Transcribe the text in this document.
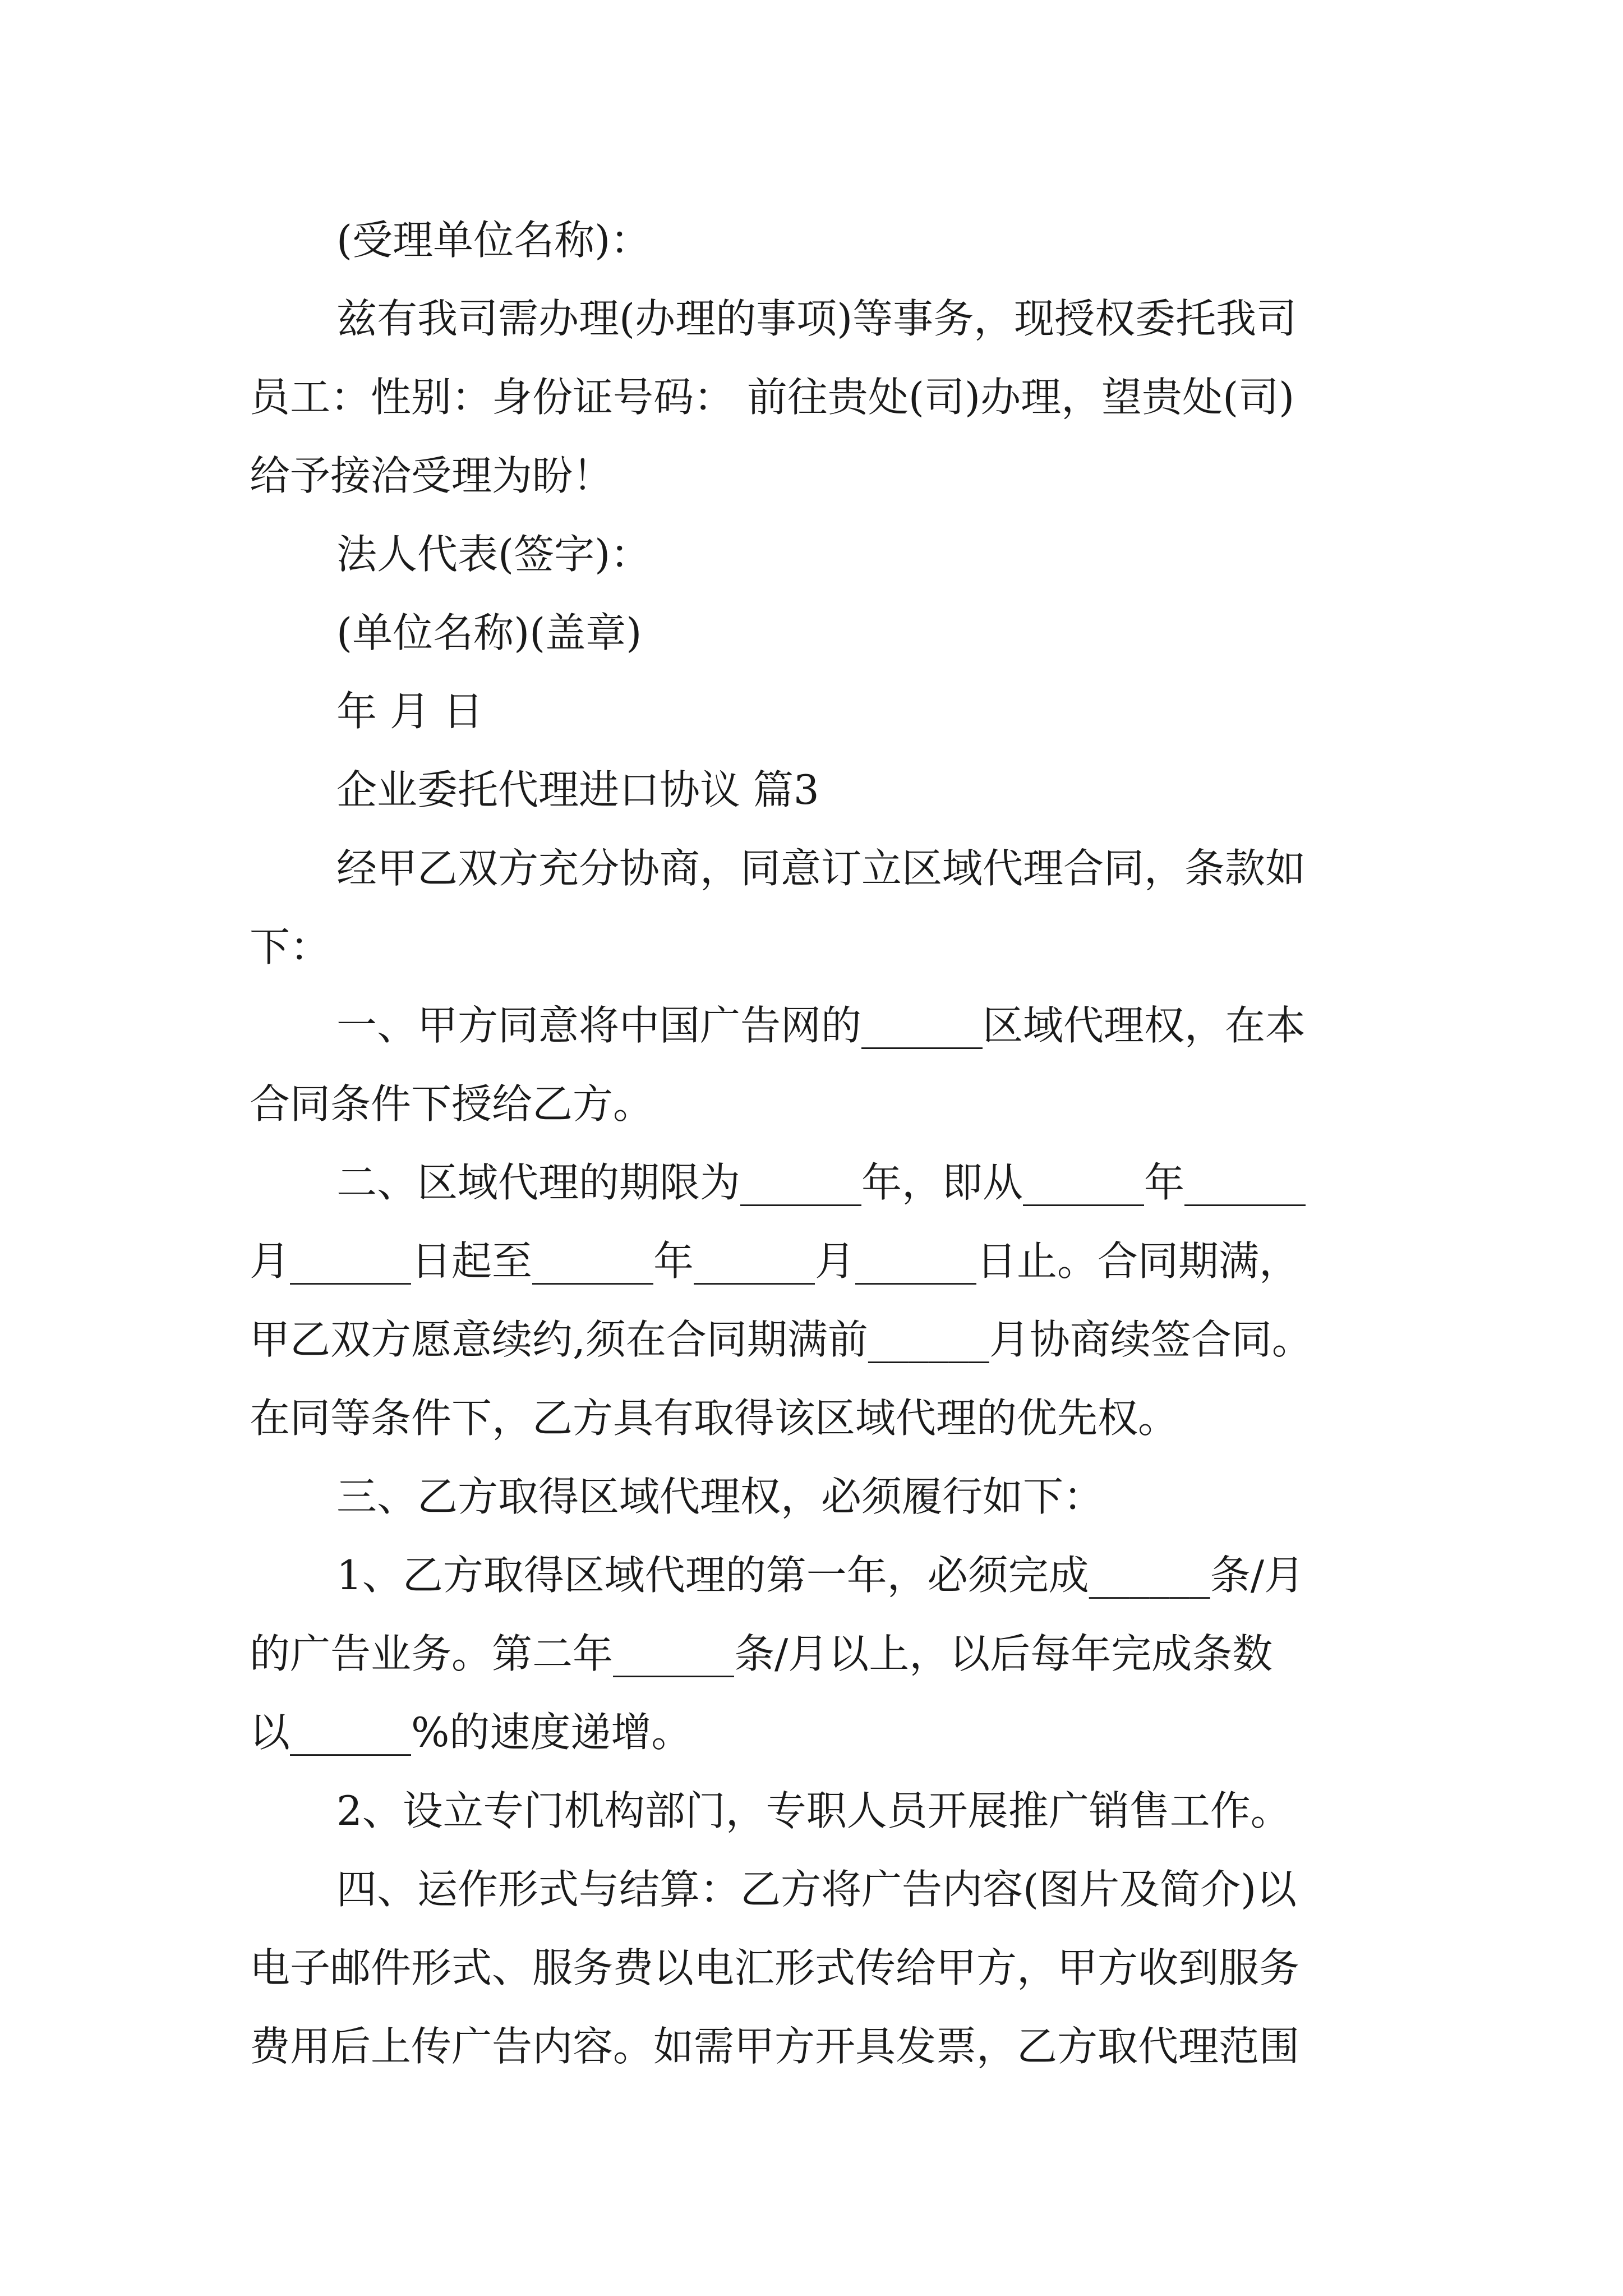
(受理单位名称)：

兹有我司需办理(办理的事项)等事务，现授权委托我司

员工：性别：身份证号码： 前往贵处(司)办理，望贵处(司)

给予接洽受理为盼！

法人代表(签字)：

(单位名称)(盖章)

年 月 日

企业委托代理进口协议 篇3

经甲乙双方充分协商，同意订立区域代理合同，条款如

下：

一、甲方同意将中国广告网的______区域代理权，在本

合同条件下授给乙方。

二、区域代理的期限为______年，即从______年______

月______日起至______年______月______日止。合同期满，

甲乙双方愿意续约,须在合同期满前______月协商续签合同。

在同等条件下，乙方具有取得该区域代理的优先权。

三、乙方取得区域代理权，必须履行如下：

1、乙方取得区域代理的第一年，必须完成______条/月

的广告业务。第二年______条/月以上，以后每年完成条数

以______%的速度递增。

2、设立专门机构部门，专职人员开展推广销售工作。

四、运作形式与结算：乙方将广告内容(图片及简介)以

电子邮件形式、服务费以电汇形式传给甲方，甲方收到服务

费用后上传广告内容。如需甲方开具发票，乙方取代理范围
